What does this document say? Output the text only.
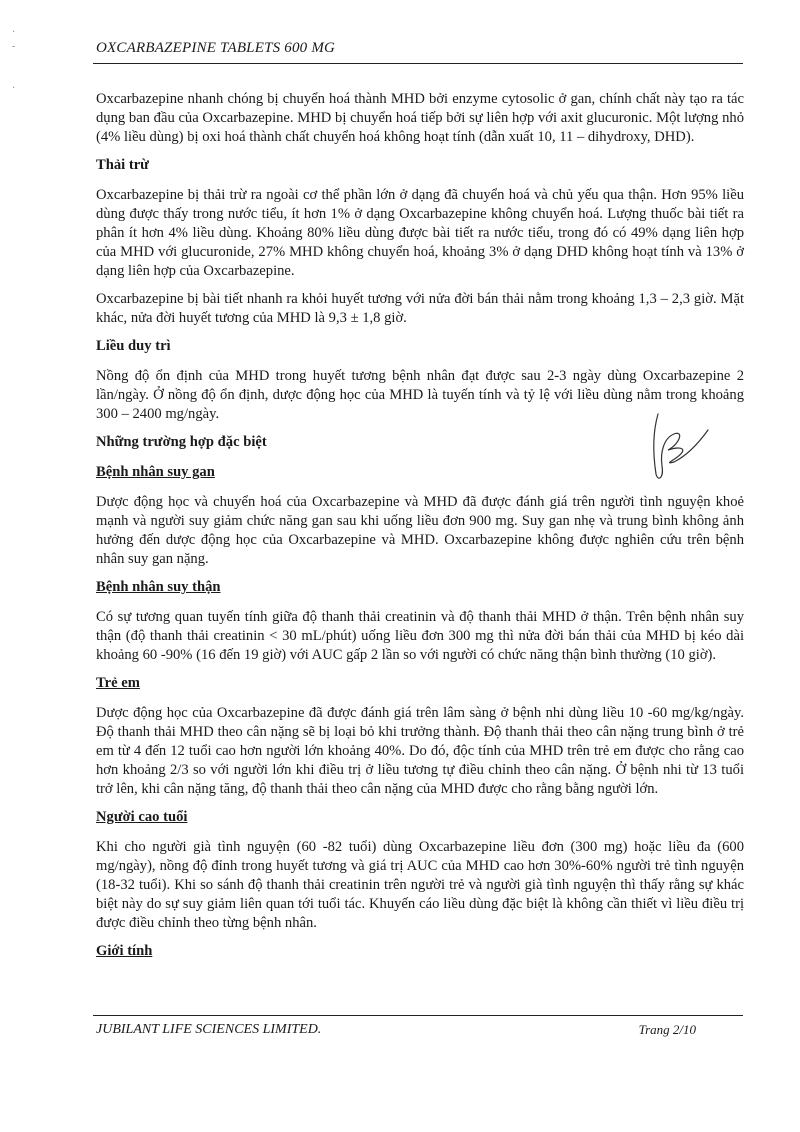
·
-

·
OXCARBAZEPINE TABLETS 600 MG

Oxcarbazepine nhanh chóng bị chuyển hoá thành MHD bởi enzyme cytosolic ở gan, chính chất này tạo ra tác dụng ban đầu của Oxcarbazepine. MHD bị chuyển hoá tiếp bởi sự liên hợp với axit glucuronic. Một lượng nhỏ (4% liều dùng) bị oxi hoá thành chất chuyển hoá không hoạt tính (dẫn xuất 10, 11 – dihydroxy, DHD).

Thải trừ

Oxcarbazepine bị thải trừ ra ngoài cơ thể phần lớn ở dạng đã chuyển hoá và chủ yếu qua thận. Hơn 95% liều dùng được thấy trong nước tiểu, ít hơn 1% ở dạng Oxcarbazepine không chuyển hoá. Lượng thuốc bài tiết ra phân ít hơn 4% liều dùng. Khoảng 80% liều dùng được bài tiết ra nước tiểu, trong đó có 49% dạng liên hợp của MHD với glucuronide, 27% MHD không chuyển hoá, khoảng 3% ở dạng DHD không hoạt tính và 13% ở dạng liên hợp của Oxcarbazepine.

Oxcarbazepine bị bài tiết nhanh ra khỏi huyết tương với nửa đời bán thải nằm trong khoảng 1,3 – 2,3 giờ. Mặt khác, nửa đời huyết tương của MHD là 9,3 ± 1,8 giờ.

Liều duy trì

Nồng độ ổn định của MHD trong huyết tương bệnh nhân đạt được sau 2-3 ngày dùng Oxcarbazepine 2 lần/ngày. Ở nồng độ ổn định, dược động học của MHD là tuyến tính và tỷ lệ với liều dùng nằm trong khoảng 300 – 2400 mg/ngày.

Những trường hợp đặc biệt
Bệnh nhân suy gan

Dược động học và chuyển hoá của Oxcarbazepine và MHD đã được đánh giá trên người tình nguyện khoẻ mạnh và người suy giảm chức năng gan sau khi uống liều đơn 900 mg. Suy gan nhẹ và trung bình không ảnh hưởng đến dược động học của Oxcarbazepine và MHD. Oxcarbazepine không được nghiên cứu trên bệnh nhân suy gan nặng.

Bệnh nhân suy thận

Có sự tương quan tuyến tính giữa độ thanh thải creatinin và độ thanh thải MHD ở thận. Trên bệnh nhân suy thận (độ thanh thải creatinin < 30 mL/phút) uống liều đơn 300 mg thì nửa đời bán thải của MHD bị kéo dài khoảng 60 -90% (16 đến 19 giờ) với AUC gấp 2 lần so với người có chức năng thận bình thường (10 giờ).

Trẻ em

Dược động học của Oxcarbazepine đã được đánh giá trên lâm sàng ở bệnh nhi dùng liều 10 -60 mg/kg/ngày. Độ thanh thải MHD theo cân nặng sẽ bị loại bỏ khi trưởng thành. Độ thanh thải theo cân nặng trung bình ở trẻ em từ 4 đến 12 tuổi cao hơn người lớn khoảng 40%. Do đó, độc tính của MHD trên trẻ em được cho rằng cao hơn khoảng 2/3 so với người lớn khi điều trị ở liều tương tự điều chỉnh theo cân nặng. Ở bệnh nhi từ 13 tuổi trở lên, khi cân nặng tăng, độ thanh thải theo cân nặng của MHD được cho rằng bằng người lớn.

Người cao tuổi

Khi cho người già tình nguyện (60 -82 tuổi) dùng Oxcarbazepine liều đơn (300 mg) hoặc liều đa (600 mg/ngày), nồng độ đỉnh trong huyết tương và giá trị AUC của MHD cao hơn 30%-60% người trẻ tình nguyện (18-32 tuổi). Khi so sánh độ thanh thải creatinin trên người trẻ và người già tình nguyện thì thấy rằng sự khác biệt này do sự suy giảm liên quan tới tuổi tác. Khuyến cáo liều dùng đặc biệt là không cần thiết vì liều điều trị được điều chỉnh theo từng bệnh nhân.

Giới tính
JUBILANT LIFE SCIENCES LIMITED.	Trang 2/10
